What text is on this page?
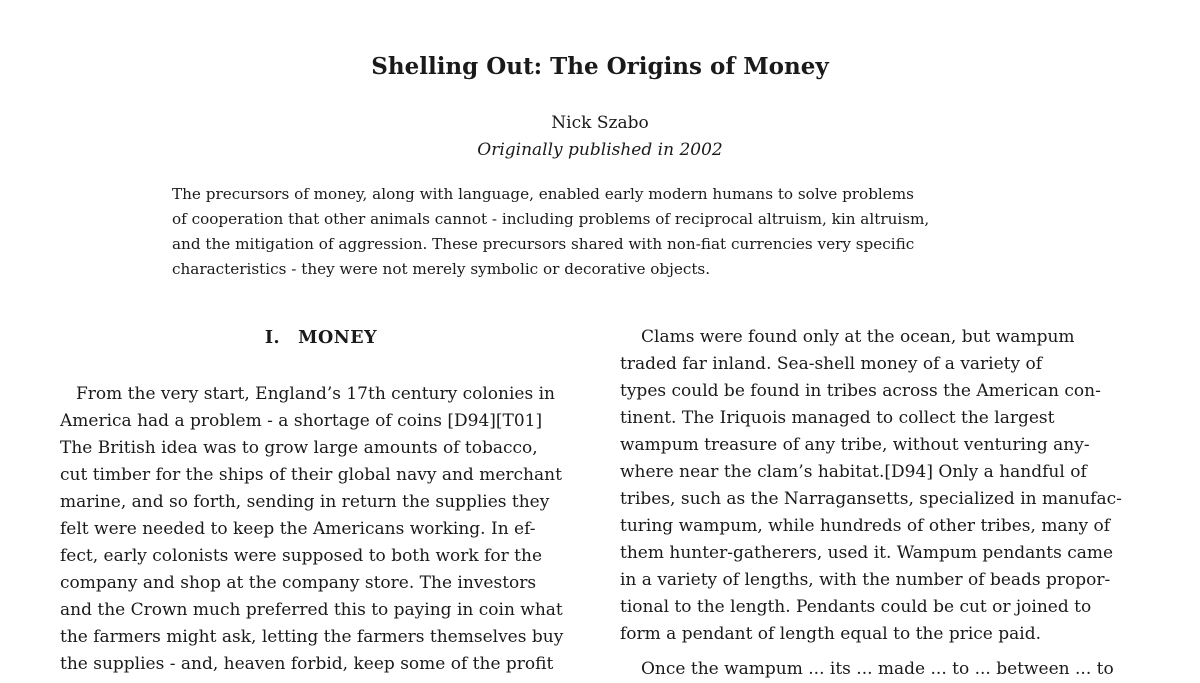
Shelling Out: The Origins of Money
Nick Szabo
Originally published in 2002
The precursors of money, along with language, enabled early modern humans to solve problems
of cooperation that other animals cannot - including problems of reciprocal altruism, kin altruism,
and the mitigation of aggression. These precursors shared with non-fiat currencies very specific
characteristics - they were not merely symbolic or decorative objects.
I. MONEY
From the very start, England’s 17th century colonies in
America had a problem - a shortage of coins [D94][T01]
The British idea was to grow large amounts of tobacco,
cut timber for the ships of their global navy and merchant
marine, and so forth, sending in return the supplies they
felt were needed to keep the Americans working. In ef-
fect, early colonists were supposed to both work for the
company and shop at the company store. The investors
and the Crown much preferred this to paying in coin what
the farmers might ask, letting the farmers themselves buy
the supplies - and, heaven forbid, keep some of the profit
Clams were found only at the ocean, but wampum
traded far inland. Sea-shell money of a variety of
types could be found in tribes across the American con-
tinent. The Iriquois managed to collect the largest
wampum treasure of any tribe, without venturing any-
where near the clam’s habitat.[D94] Only a handful of
tribes, such as the Narragansetts, specialized in manufac-
turing wampum, while hundreds of other tribes, many of
them hunter-gatherers, used it. Wampum pendants came
in a variety of lengths, with the number of beads propor-
tional to the length. Pendants could be cut or joined to
form a pendant of length equal to the price paid.
Once the wampum ... its ... made ... to ... between ... to
